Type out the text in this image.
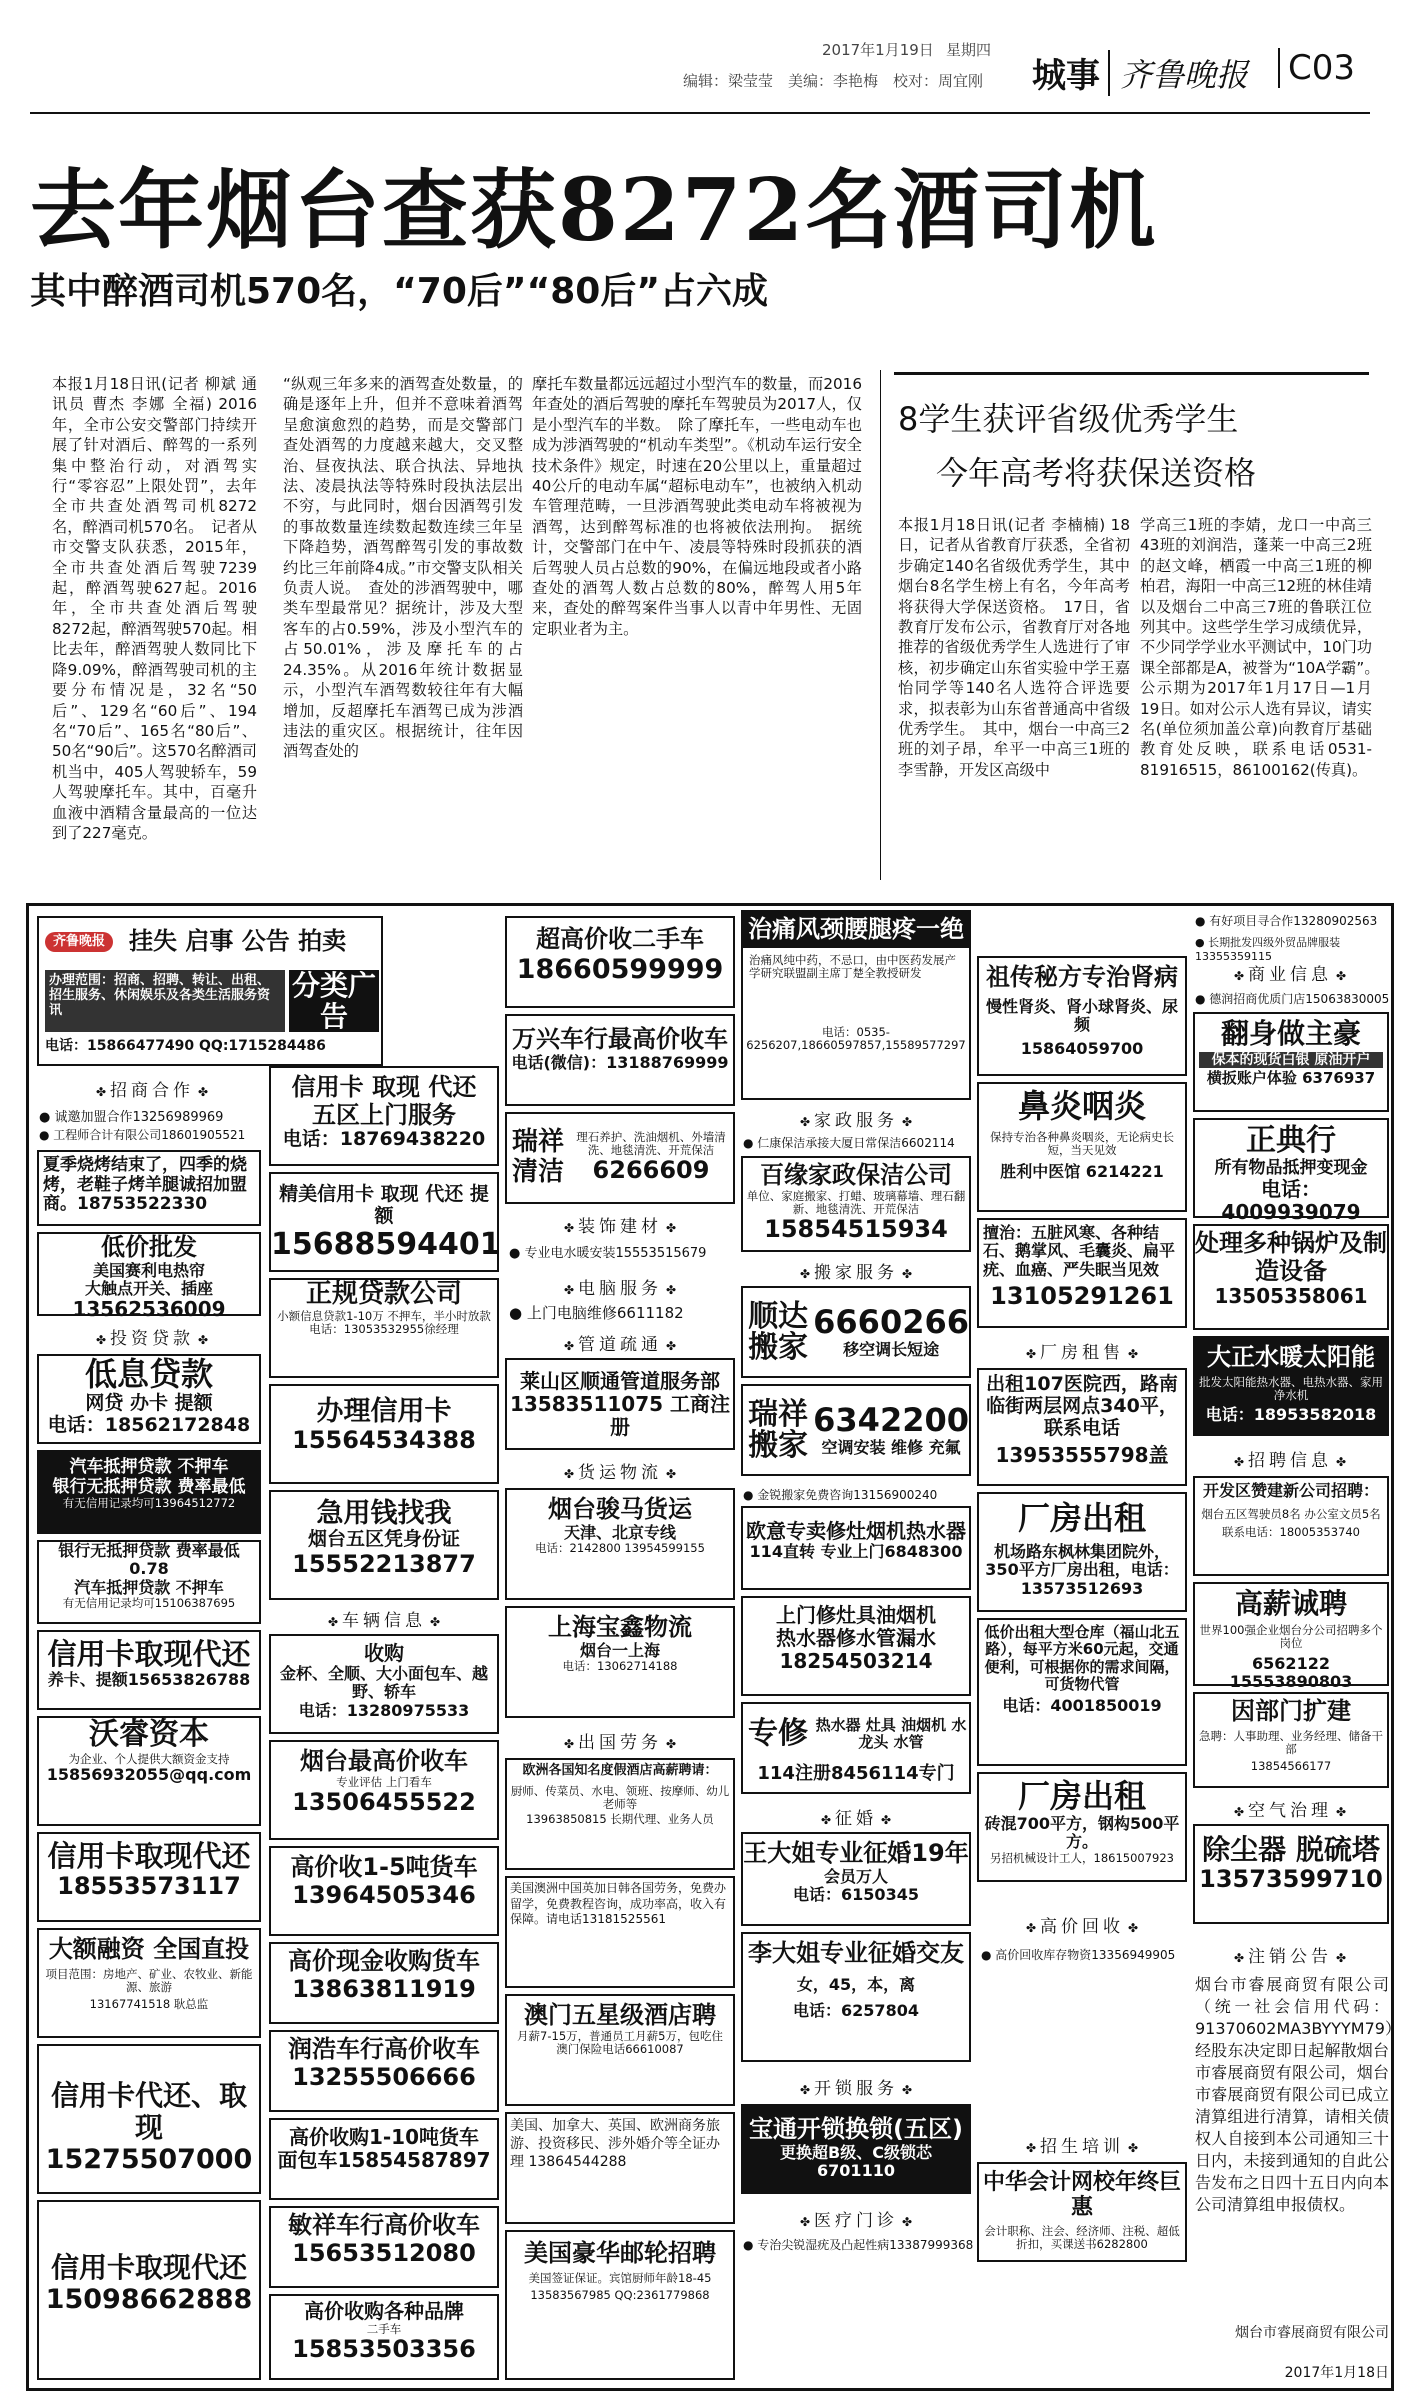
2017年1月19日 星期四
编辑：梁莹莹　美编：李艳梅　校对：周宜刚 城事 齐鲁晚报 C03
去年烟台查获8272名酒司机
其中醉酒司机570名，“70后”“80后”占六成
本报1月18日讯(记者 柳斌 通讯员 曹杰 李娜 全福) 2016年，全市公安交警部门持续开展了针对酒后、醉驾的一系列集中整治行动，对酒驾实行“零容忍”上限处罚”，去年全市共查处酒驾司机8272名，醉酒司机570名。　记者从市交警支队获悉，2015年，全市共查处酒后驾驶7239起，醉酒驾驶627起。2016年，全市共查处酒后驾驶8272起，醉酒驾驶570起。相比去年，醉酒驾驶人数同比下降9.09%，醉酒驾驶司机的主要分布情况是，32名“50后”、129名“60后”、194名“70后”、165名“80后”、50名“90后”。这570名醉酒司机当中，405人驾驶轿车，59人驾驶摩托车。其中，百毫升血液中酒精含量最高的一位达到了227毫克。
“纵观三年多来的酒驾查处数量，的确是逐年上升，但并不意味着酒驾呈愈演愈烈的趋势，而是交警部门查处酒驾的力度越来越大，交叉整治、昼夜执法、联合执法、异地执法、凌晨执法等特殊时段执法层出不穷，与此同时，烟台因酒驾引发的事故数量连续数起数连续三年呈下降趋势，酒驾醉驾引发的事故数约比三年前降4成。”市交警支队相关负责人说。　查处的涉酒驾驶中，哪类车型最常见？据统计，涉及大型客车的占0.59%，涉及小型汽车的占50.01%，涉及摩托车的占24.35%。从2016年统计数据显示，小型汽车酒驾数较往年有大幅增加，反超摩托车酒驾已成为涉酒违法的重灾区。根据统计，往年因酒驾查处的
摩托车数量都远远超过小型汽车的数量，而2016年查处的酒后驾驶的摩托车驾驶员为2017人，仅是小型汽车的半数。　除了摩托车，一些电动车也成为涉酒驾驶的“机动车类型”。《机动车运行安全技术条件》规定，时速在20公里以上，重量超过40公斤的电动车属“超标电动车”，也被纳入机动车管理范畴，一旦涉酒驾驶此类电动车将被视为酒驾，达到醉驾标准的也将被依法刑拘。　据统计，交警部门在中午、凌晨等特殊时段抓获的酒后驾驶人员占总数的90%，在偏远地段或者小路查处的酒驾人数占总数的80%，醉驾人用5年来，查处的醉驾案件当事人以青中年男性、无固定职业者为主。
8学生获评省级优秀学生
今年高考将获保送资格
本报1月18日讯(记者 李楠楠) 18日，记者从省教育厅获悉，全省初步确定140名省级优秀学生，其中烟台8名学生榜上有名，今年高考将获得大学保送资格。　17日，省教育厅发布公示，省教育厅对各地推荐的省级优秀学生人选进行了审核，初步确定山东省实验中学王嘉怡同学等140名人选符合评选要求，拟表彰为山东省普通高中省级优秀学生。　其中，烟台一中高三2班的刘子昂，牟平一中高三1班的李雪静，开发区高级中
学高三1班的李婧，龙口一中高三43班的刘润浩，蓬莱一中高三2班的赵文峰，栖霞一中高三1班的柳柏君，海阳一中高三12班的林佳靖以及烟台二中高三7班的鲁联江位列其中。这些学生学习成绩优异，不少同学学业水平测试中，10门功课全部都是A，被誉为“10A学霸”。　公示期为2017年1月17日—1月19日。如对公示人选有异议，请实名(单位须加盖公章)向教育厅基础教育处反映，联系电话0531-81916515，86100162(传真)。
齐鲁晚报	挂失 启事 公告 拍卖
办理范围：招商、招聘、转让、出租、招生服务、休闲娱乐及各类生活服务资讯
分类广告
电话：15866477490 QQ:1715284486
✤ 招商合作 ✤
● 诚邀加盟合作13256989969
● 工程师合计有限公司18601905521
夏季烧烤结束了，四季的烧烤，老鞋子烤羊腿诚招加盟商。18753522330
低价批发
美国赛利电热帘
大触点开关、插座
13562536009
✤ 投资贷款 ✤
低息贷款
网贷 办卡 提额
电话：18562172848
汽车抵押贷款 不押车
银行无抵押贷款 费率最低
有无信用记录均可13964512772
银行无抵押贷款 费率最低0.78
汽车抵押贷款 不押车
有无信用记录均可15106387695
信用卡取现代还
养卡、提额15653826788
沃睿资本
为企业、个人提供大额资金支持
15856932055@qq.com
信用卡取现代还
18553573117
大额融资 全国直投
项目范围：房地产、矿业、农牧业、新能源、旅游
13167741518 耿总监
信用卡代还、取现
15275507000
信用卡取现代还
15098662888
信用卡 取现 代还
五区上门服务
电话：18769438220
精美信用卡 取现 代还 提额
15688594401
正规贷款公司
小额信息贷款1-10万 不押车，半小时放款
电话：13053532955徐经理
办理信用卡
15564534388
急用钱找我
烟台五区凭身份证
15552213877
✤ 车辆信息 ✤
收购
金杯、全顺、大小面包车、越野、轿车
电话：13280975533
烟台最高价收车
专业评估 上门看车
13506455522
高价收1-5吨货车
13964505346
高价现金收购货车
13863811919
润浩车行高价收车
13255506666
高价收购1-10吨货车
面包车15854587897
敏祥车行高价收车
15653512080
高价收购各种品牌
二手车
15853503356
超高价收二手车
18660599999
万兴车行最高价收车
电话(微信)：13188769999
瑞祥清洁
理石养护、洗油烟机、外墙清洗、地毯清洗、开荒保洁
6266609
✤ 装饰建材 ✤
● 专业电水暖安装15553515679
✤ 电脑服务 ✤
● 上门电脑维修6611182
✤ 管道疏通 ✤
莱山区顺通管道服务部
13583511075 工商注册
✤ 货运物流 ✤
烟台骏马货运
天津、北京专线
电话：2142800 13954599155
上海宝鑫物流
烟台一上海
电话：13062714188
✤ 出国劳务 ✤
欧洲各国知名度假酒店高薪聘请：
厨师、传菜员、水电、领班、按摩师、幼儿老师等
13963850815 长期代理、业务人员
美国澳洲中国英加日韩各国劳务，免费办留学，免费教程咨询，成功率高，收入有保障。请电话13181525561
澳门五星级酒店聘
月薪7-15万，普通员工月薪5万，包吃住
澳门保险电话66610087
美国、加拿大、英国、欧洲商务旅游、投资移民、涉外婚介等全证办理 13864544288
美国豪华邮轮招聘
美国签证保证。宾馆厨师年龄18-45
13583567985 QQ:2361779868
治痛风颈腰腿疼一绝
治痛风纯中药，不忌口，由中医药发展产学研究联盟副主席丁楚全教授研发
电话：0535-6256207,18660597857,15589577297
✤ 家政服务 ✤
● 仁康保洁承接大厦日常保洁6602114
百缘家政保洁公司
单位、家庭搬家、打蜡、玻璃幕墙、理石翻新、地毯清洗、开荒保洁
15854515934
✤ 搬家服务 ✤
顺达搬家
6660266
移空调长短途
瑞祥搬家
6342200
空调安装 维修 充氟
● 金锐搬家免费咨询13156900240
欧意专卖修灶烟机热水器
114直转 专业上门6848300
上门修灶具油烟机
热水器修水管漏水
18254503214
专修 热水器 灶具 油烟机 水龙头 水管
114注册8456114专门
✤ 征婚 ✤
王大姐专业征婚19年
会员万人
电话：6150345
李大姐专业征婚交友
女，45，本，离
电话：6257804
✤ 开锁服务 ✤
宝通开锁换锁(五区)
更换超B级、C级锁芯6701110
✤ 医疗门诊 ✤
● 专治尖锐湿疣及凸起性病13387999368
祖传秘方专治肾病
慢性肾炎、肾小球肾炎、尿频
15864059700
鼻炎咽炎
保持专治各种鼻炎咽炎，无论病史长短，当天见效
胜利中医馆 6214221
擅治：五脏风寒、各种结石、鹅掌风、毛囊炎、扁平疣、血癌、严失眠当见效
13105291261
✤ 厂房租售 ✤
出租107医院西，路南临街两层网点340平，联系电话
13953555798盖
厂房出租
机场路东枫林集团院外，350平方厂房出租，电话：13573512693
低价出租大型仓库（福山北五路），每平方米60元起，交通便利，可根据你的需求间隔，可货物代管
电话：4001850019
厂房出租
砖混700平方，钢构500平方。
另招机械设计工人，18615007923
✤ 高价回收 ✤
● 高价回收库存物资13356949905
✤ 招生培训 ✤
中华会计网校年终巨惠
会计职称、注会、经济师、注税、超低折扣，买课送书6282800
● 有好项目寻合作13280902563
● 长期批发四级外贸品牌服装13355359115
✤ 商业信息 ✤
● 德润招商优质门店15063830005
翻身做主豪
保本的现货白银 原油开户
横扳账户体验 6376937
正典行
所有物品抵押变现金
电话：4009939079
处理多种锅炉及制造设备
13505358061
大正水暖太阳能
批发太阳能热水器、电热水器、家用净水机
电话：18953582018
✤ 招聘信息 ✤
开发区赞建新公司招聘：
烟台五区驾驶员8名 办公室文员5名
联系电话：18005353740
高薪诚聘
世界100强企业烟台分公司招聘多个岗位
6562122 15553890803
因部门扩建
急聘：人事助理、业务经理、储备干部
13854566177
✤ 空气治理 ✤
除尘器 脱硫塔
13573599710
✤ 注销公告 ✤
烟台市睿展商贸有限公司（统一社会信用代码：91370602MA3BYYYM79）经股东决定即日起解散烟台市睿展商贸有限公司，烟台市睿展商贸有限公司已成立清算组进行清算，请相关债权人自接到本公司通知三十日内，未接到通知的自此公告发布之日四十五日内向本公司清算组申报债权。
烟台市睿展商贸有限公司
2017年1月18日
